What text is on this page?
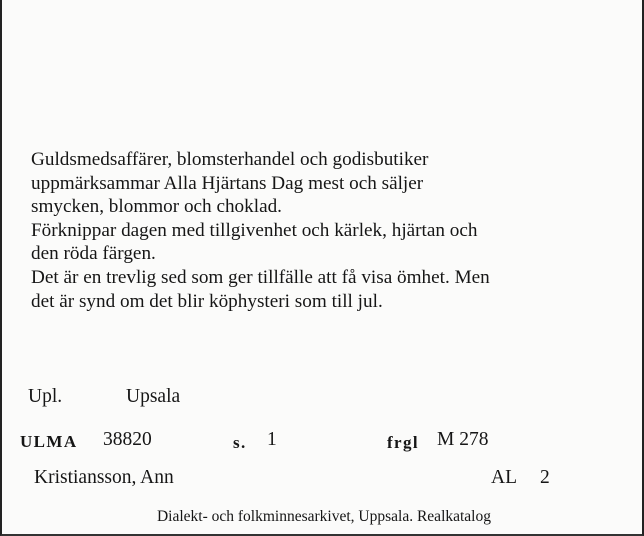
Guldsmedsaffärer, blomsterhandel och godisbutiker
uppmärksammar Alla Hjärtans Dag mest och säljer
smycken, blommor och choklad.
Förknippar dagen med tillgivenhet och kärlek, hjärtan och
den röda färgen.
Det är en trevlig sed som ger tillfälle att få visa ömhet. Men
det är synd om det blir köphysteri som till jul.
Upl.	Upsala
ULMA 38820	s. 1	frgl M 278
Kristiansson, Ann	AL 2
Dialekt- och folkminnesarkivet, Uppsala. Realkatalog
